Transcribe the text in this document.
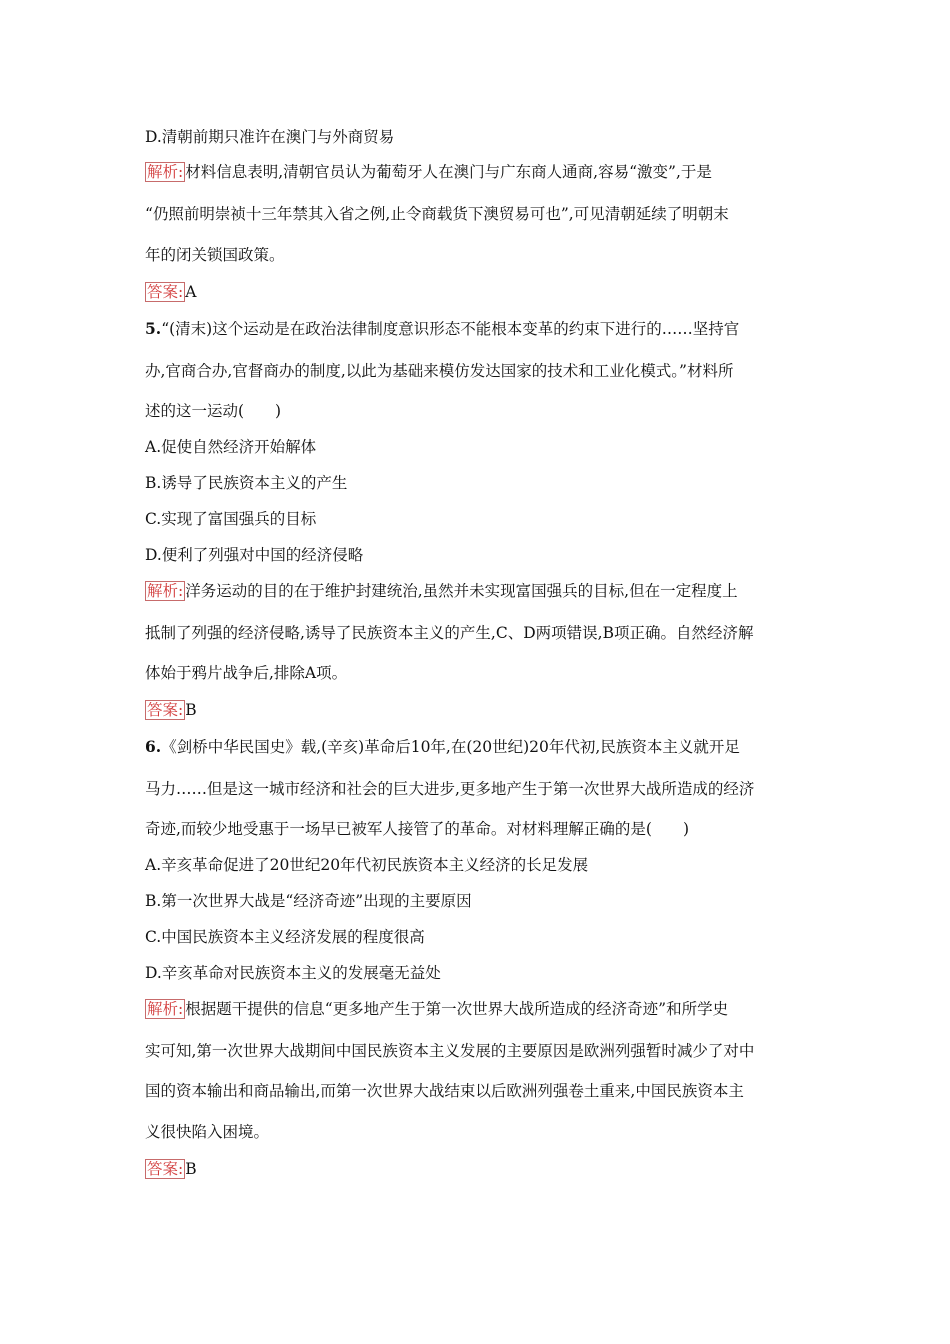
D.清朝前期只准许在澳门与外商贸易
解析: 材料信息表明,清朝官员认为葡萄牙人在澳门与广东商人通商,容易“激变”,于是
“仍照前明崇祯十三年禁其入省之例,止令商载货下澳贸易可也”,可见清朝延续了明朝末
年的闭关锁国政策。
答案: A
5.“(清末)这个运动是在政治法律制度意识形态不能根本变革的约束下进行的……坚持官
办,官商合办,官督商办的制度,以此为基础来模仿发达国家的技术和工业化模式。”材料所
述的这一运动(　　)
A.促使自然经济开始解体
B.诱导了民族资本主义的产生
C.实现了富国强兵的目标
D.便利了列强对中国的经济侵略
解析: 洋务运动的目的在于维护封建统治,虽然并未实现富国强兵的目标,但在一定程度上
抵制了列强的经济侵略,诱导了民族资本主义的产生,C、D两项错误,B项正确。自然经济解
体始于鸦片战争后,排除A项。
答案: B
6.《剑桥中华民国史》载,(辛亥)革命后10年,在(20世纪)20年代初,民族资本主义就开足
马力……但是这一城市经济和社会的巨大进步,更多地产生于第一次世界大战所造成的经济
奇迹,而较少地受惠于一场早已被军人接管了的革命。对材料理解正确的是(　　)
A.辛亥革命促进了20世纪20年代初民族资本主义经济的长足发展
B.第一次世界大战是“经济奇迹”出现的主要原因
C.中国民族资本主义经济发展的程度很高
D.辛亥革命对民族资本主义的发展毫无益处
解析: 根据题干提供的信息“更多地产生于第一次世界大战所造成的经济奇迹”和所学史
实可知,第一次世界大战期间中国民族资本主义发展的主要原因是欧洲列强暂时减少了对中
国的资本输出和商品输出,而第一次世界大战结束以后欧洲列强卷土重来,中国民族资本主
义很快陷入困境。
答案: B
